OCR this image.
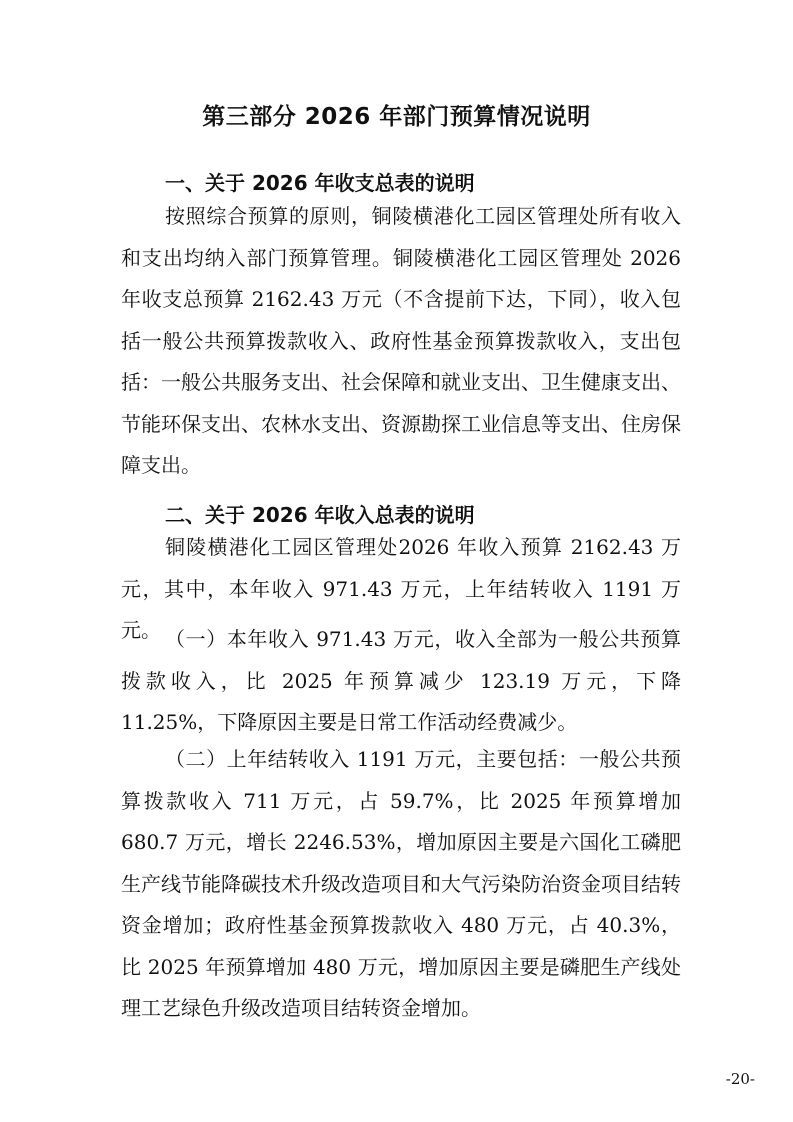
第三部分 2026 年部门预算情况说明
一、关于 2026 年收支总表的说明

按照综合预算的原则，铜陵横港化工园区管理处所有收入和支出均纳入部门预算管理。铜陵横港化工园区管理处 2026 年收支总预算 2162.43 万元（不含提前下达，下同），收入包括一般公共预算拨款收入、政府性基金预算拨款收入，支出包括：一般公共服务支出、社会保障和就业支出、卫生健康支出、节能环保支出、农林水支出、资源勘探工业信息等支出、住房保障支出。

二、关于 2026 年收入总表的说明

铜陵横港化工园区管理处2026 年收入预算 2162.43 万元，其中，本年收入 971.43 万元，上年结转收入 1191 万元。 （一）本年收入 971.43 万元，收入全部为一般公共预算拨款收入，比 2025 年预算减少 123.19 万元，下降 11.25%，下降原因主要是日常工作活动经费减少。

（二）上年结转收入 1191 万元，主要包括：一般公共预算拨款收入 711 万元，占 59.7%，比 2025 年预算增加 680.7 万元，增长 2246.53%，增加原因主要是六国化工磷肥生产线节能降碳技术升级改造项目和大气污染防治资金项目结转资金增加；政府性基金预算拨款收入 480 万元，占 40.3%，比 2025 年预算增加 480 万元，增加原因主要是磷肥生产线处理工艺绿色升级改造项目结转资金增加。

-20-
